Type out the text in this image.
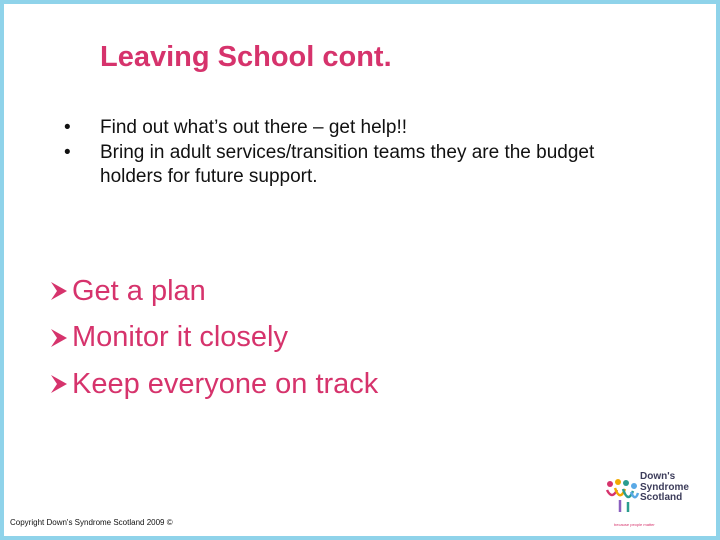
Leaving School cont.
• Find out what’s out there – get help!!
• Bring in adult services/transition teams they are the budget holders for future support.
Get a plan
Monitor it closely
Keep everyone on track
Copyright Down's Syndrome Scotland 2009 ©
Down's
Syndrome
Scotland
because people matter
